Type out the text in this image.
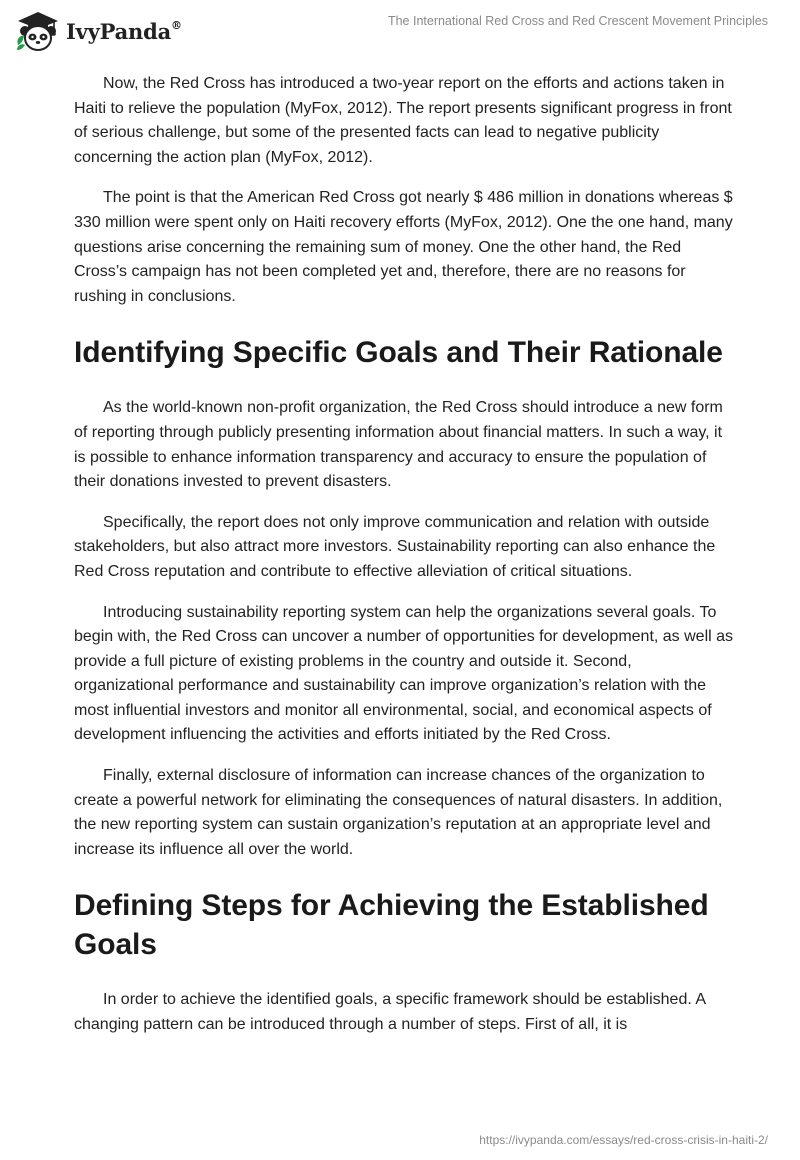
IvyPanda®	The International Red Cross and Red Crescent Movement Principles

Now, the Red Cross has introduced a two-year report on the efforts and actions taken in Haiti to relieve the population (MyFox, 2012). The report presents significant progress in front of serious challenge, but some of the presented facts can lead to negative publicity concerning the action plan (MyFox, 2012).

The point is that the American Red Cross got nearly $ 486 million in donations whereas $ 330 million were spent only on Haiti recovery efforts (MyFox, 2012). One the one hand, many questions arise concerning the remaining sum of money. One the other hand, the Red Cross’s campaign has not been completed yet and, therefore, there are no reasons for rushing in conclusions.

Identifying Specific Goals and Their Rationale

As the world-known non-profit organization, the Red Cross should introduce a new form of reporting through publicly presenting information about financial matters. In such a way, it is possible to enhance information transparency and accuracy to ensure the population of their donations invested to prevent disasters.

Specifically, the report does not only improve communication and relation with outside stakeholders, but also attract more investors. Sustainability reporting can also enhance the Red Cross reputation and contribute to effective alleviation of critical situations.

Introducing sustainability reporting system can help the organizations several goals. To begin with, the Red Cross can uncover a number of opportunities for development, as well as provide a full picture of existing problems in the country and outside it. Second, organizational performance and sustainability can improve organization’s relation with the most influential investors and monitor all environmental, social, and economical aspects of development influencing the activities and efforts initiated by the Red Cross.

Finally, external disclosure of information can increase chances of the organization to create a powerful network for eliminating the consequences of natural disasters. In addition, the new reporting system can sustain organization’s reputation at an appropriate level and increase its influence all over the world.

Defining Steps for Achieving the Established Goals

In order to achieve the identified goals, a specific framework should be established. A changing pattern can be introduced through a number of steps. First of all, it is

https://ivypanda.com/essays/red-cross-crisis-in-haiti-2/
